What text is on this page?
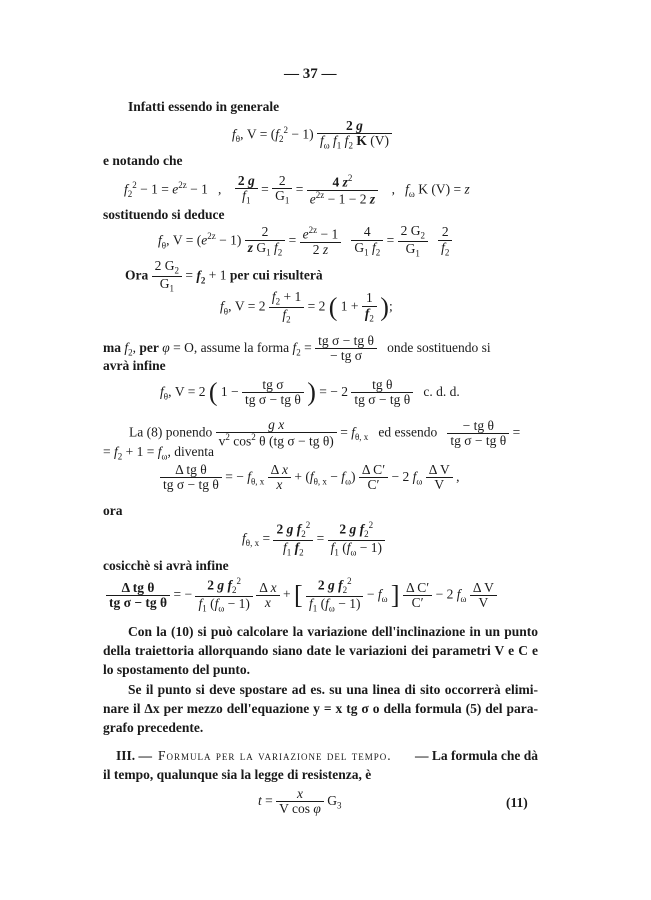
— 37 —
Infatti essendo in generale
$f_\theta$, $V = (f_2^2 - 1) \frac{2 g}{f_\omega f_1 f_2 K (V)}$
e notando che
$f_2^2 - 1 = e^{2z} - 1$   , $\frac{2 g}{f_1} = \frac{2}{G_1} = \frac{4 z^2}{e^{2z} - 1 - 2 z}$ ,   $f_\omega$ K (V) = z
sostituendo si deduce
$f_\theta$, $V = (e^{2z} - 1) \frac{2}{z G_1 f_2} = \frac{e^{2z} - 1}{2 z}$
$\frac{4}{G_1 f_2} = \frac{2 G_2}{G_1}$
$\frac{2}{f_2}$
Ora $\frac{2 G_2}{G_1} = f_2 + 1$ per cui risulterà
$f_\theta$, $V = 2 \frac{f_2 + 1}{f_2} = 2$ ( $1 + \frac{1}{f_2}$ );
ma $f_2$, per φ = O, assume la forma $f_2 = \frac{\text{tg σ − tg θ}}{\text{− tg σ}}$ onde sostituendo si
avrà infine
$f_\theta$, V = 2 ( $1 - \frac{\text{tg σ}}{\text{tg σ − tg θ}}$ ) = − $2 \frac{\text{tg θ}}{\text{tg σ − tg θ}} c$. d. d.
La (8) ponendo $\frac{\text{g x}}{v^2 \cos^2 \theta (tg \sigma - tg \theta)} = f_{\theta, x}$ ed essendo $\frac{\text{− tg θ}}{\text{tg σ − tg θ}}$ =
= $f_2 + 1 = f_\omega$, diventa
$\frac{\text{Δ tg θ}}{\text{tg σ − tg θ}}$ = − $f_{\theta, x} \frac{\text{Δ x}}{x} + (f_{\theta, x} - f_\omega) \frac{\text{Δ C′}}{C'} - 2$ $f_\omega \frac{\text{Δ V}}{V}$ ,
ora
$f_{\theta, x} = \frac{2 g f_2^2}{f_1 f_2} = \frac{2 g f_2^2}{f_1 (f_\omega - 1)}$
cosicchè si avrà infine
$\frac{\text{Δ tg θ}}{\text{tg σ − tg θ}}$ = − $\frac{2 g f_2^2}{f_1 (f_\omega - 1)}$
$\frac{\text{Δ x}}{x}$ + [ $\frac{2 g f_2^2}{f_1 (f_\omega - 1)} - f_\omega$ ] $\frac{\text{Δ C′}}{C'} - 2$ $f_\omega \frac{\text{Δ V}}{V}$
Con la (10) si può calcolare la variazione dell'inclinazione in un punto
della traiettoria allorquando siano date le variazioni dei parametri V e C e
lo spostamento del punto.
Se il punto si deve spostare ad es. su una linea di sito occorrerà elimi-
nare il Δx per mezzo dell'equazione y = x tg σ o della formula (5) del para-
grafo precedente.
III. — Formula per la variazione del tempo. — La formula che dà
il tempo, qualunque sia la legge di resistenza, è
$t = \frac{x}{\text{V cos φ}} G_3$	(11)
